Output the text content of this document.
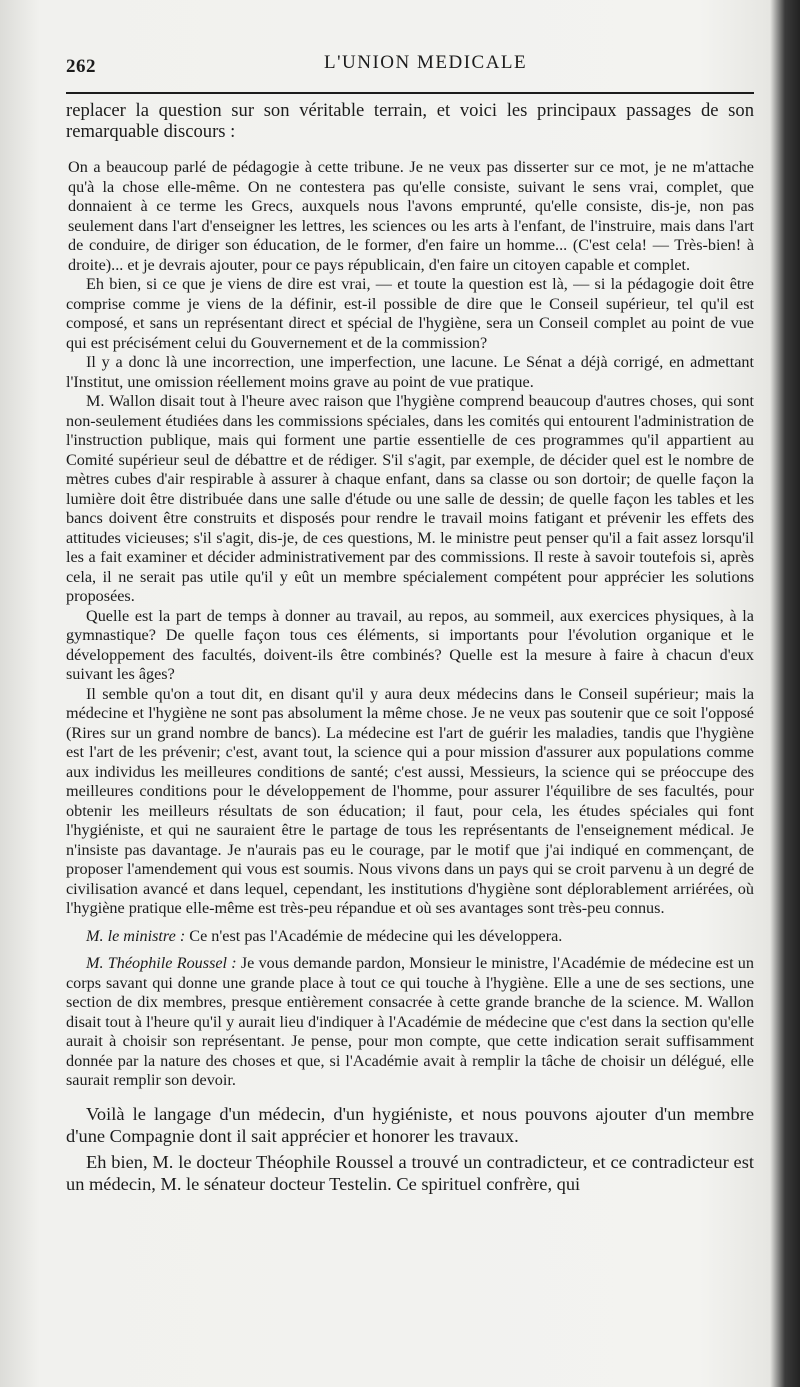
262	L'UNION MEDICALE

replacer la question sur son véritable terrain, et voici les principaux passages de son remarquable discours :

On a beaucoup parlé de pédagogie à cette tribune. Je ne veux pas disserter sur ce mot, je ne m'attache qu'à la chose elle-même. On ne contestera pas qu'elle consiste, suivant le sens vrai, complet, que donnaient à ce terme les Grecs, auxquels nous l'avons emprunté, qu'elle consiste, dis-je, non pas seulement dans l'art d'enseigner les lettres, les sciences ou les arts à l'enfant, de l'instruire, mais dans l'art de conduire, de diriger son éducation, de le former, d'en faire un homme... (C'est cela! — Très-bien! à droite)... et je devrais ajouter, pour ce pays républicain, d'en faire un citoyen capable et complet.

Eh bien, si ce que je viens de dire est vrai, — et toute la question est là, — si la pédagogie doit être comprise comme je viens de la définir, est-il possible de dire que le Conseil supérieur, tel qu'il est composé, et sans un représentant direct et spécial de l'hygiène, sera un Conseil complet au point de vue qui est précisément celui du Gouvernement et de la commission?

Il y a donc là une incorrection, une imperfection, une lacune. Le Sénat a déjà corrigé, en admettant l'Institut, une omission réellement moins grave au point de vue pratique.

M. Wallon disait tout à l'heure avec raison que l'hygiène comprend beaucoup d'autres choses, qui sont non-seulement étudiées dans les commissions spéciales, dans les comités qui entourent l'administration de l'instruction publique, mais qui forment une partie essentielle de ces programmes qu'il appartient au Comité supérieur seul de débattre et de rédiger. S'il s'agit, par exemple, de décider quel est le nombre de mètres cubes d'air respirable à assurer à chaque enfant, dans sa classe ou son dortoir; de quelle façon la lumière doit être distribuée dans une salle d'étude ou une salle de dessin; de quelle façon les tables et les bancs doivent être construits et disposés pour rendre le travail moins fatigant et prévenir les effets des attitudes vicieuses; s'il s'agit, dis-je, de ces questions, M. le ministre peut penser qu'il a fait assez lorsqu'il les a fait examiner et décider administrativement par des commissions. Il reste à savoir toutefois si, après cela, il ne serait pas utile qu'il y eût un membre spécialement compétent pour apprécier les solutions proposées.

Quelle est la part de temps à donner au travail, au repos, au sommeil, aux exercices physiques, à la gymnastique? De quelle façon tous ces éléments, si importants pour l'évolution organique et le développement des facultés, doivent-ils être combinés? Quelle est la mesure à faire à chacun d'eux suivant les âges?

Il semble qu'on a tout dit, en disant qu'il y aura deux médecins dans le Conseil supérieur; mais la médecine et l'hygiène ne sont pas absolument la même chose. Je ne veux pas soutenir que ce soit l'opposé (Rires sur un grand nombre de bancs). La médecine est l'art de guérir les maladies, tandis que l'hygiène est l'art de les prévenir; c'est, avant tout, la science qui a pour mission d'assurer aux populations comme aux individus les meilleures conditions de santé; c'est aussi, Messieurs, la science qui se préoccupe des meilleures conditions pour le développement de l'homme, pour assurer l'équilibre de ses facultés, pour obtenir les meilleurs résultats de son éducation; il faut, pour cela, les études spéciales qui font l'hygiéniste, et qui ne sauraient être le partage de tous les représentants de l'enseignement médical. Je n'insiste pas davantage. Je n'aurais pas eu le courage, par le motif que j'ai indiqué en commençant, de proposer l'amendement qui vous est soumis. Nous vivons dans un pays qui se croit parvenu à un degré de civilisation avancé et dans lequel, cependant, les institutions d'hygiène sont déplorablement arriérées, où l'hygiène pratique elle-même est très-peu répandue et où ses avantages sont très-peu connus.

M. le ministre : Ce n'est pas l'Académie de médecine qui les développera.

M. Théophile Roussel : Je vous demande pardon, Monsieur le ministre, l'Académie de médecine est un corps savant qui donne une grande place à tout ce qui touche à l'hygiène. Elle a une de ses sections, une section de dix membres, presque entièrement consacrée à cette grande branche de la science. M. Wallon disait tout à l'heure qu'il y aurait lieu d'indiquer à l'Académie de médecine que c'est dans la section qu'elle aurait à choisir son représentant. Je pense, pour mon compte, que cette indication serait suffisamment donnée par la nature des choses et que, si l'Académie avait à remplir la tâche de choisir un délégué, elle saurait remplir son devoir.

Voilà le langage d'un médecin, d'un hygiéniste, et nous pouvons ajouter d'un membre d'une Compagnie dont il sait apprécier et honorer les travaux.

Eh bien, M. le docteur Théophile Roussel a trouvé un contradicteur, et ce contradicteur est un médecin, M. le sénateur docteur Testelin. Ce spirituel confrère, qui
